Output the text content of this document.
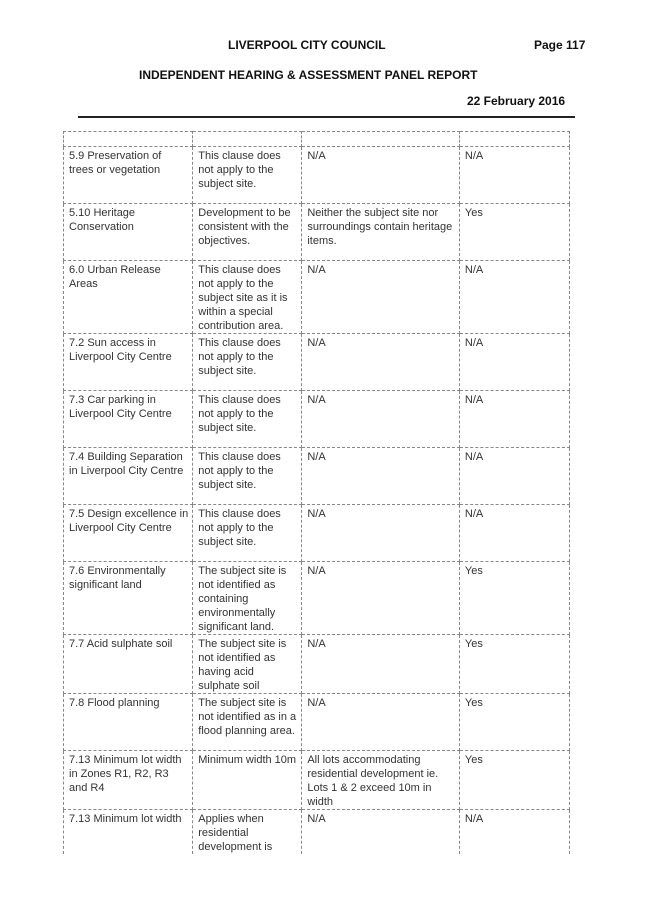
LIVERPOOL CITY COUNCIL	Page 117
INDEPENDENT HEARING & ASSESSMENT PANEL REPORT
22 February 2016

5.9 Preservation of trees or vegetation	This clause does not apply to the subject site.	N/A	N/A
5.10 Heritage Conservation	Development to be consistent with the objectives.	Neither the subject site nor surroundings contain heritage items.	Yes
6.0 Urban Release Areas	This clause does not apply to the subject site as it is within a special contribution area.	N/A	N/A
7.2 Sun access in Liverpool City Centre	This clause does not apply to the subject site.	N/A	N/A
7.3 Car parking in Liverpool City Centre	This clause does not apply to the subject site.	N/A	N/A
7.4 Building Separation in Liverpool City Centre	This clause does not apply to the subject site.	N/A	N/A
7.5 Design excellence in Liverpool City Centre	This clause does not apply to the subject site.	N/A	N/A
7.6 Environmentally significant land	The subject site is not identified as containing environmentally significant land.	N/A	Yes
7.7 Acid sulphate soil	The subject site is not identified as having acid sulphate soil	N/A	Yes
7.8 Flood planning	The subject site is not identified as in a flood planning area.	N/A	Yes
7.13 Minimum lot width in Zones R1, R2, R3 and R4	Minimum width 10m	All lots accommodating residential development ie. Lots 1 & 2 exceed 10m in width	Yes
7.13 Minimum lot width	Applies when residential development is	N/A	N/A
